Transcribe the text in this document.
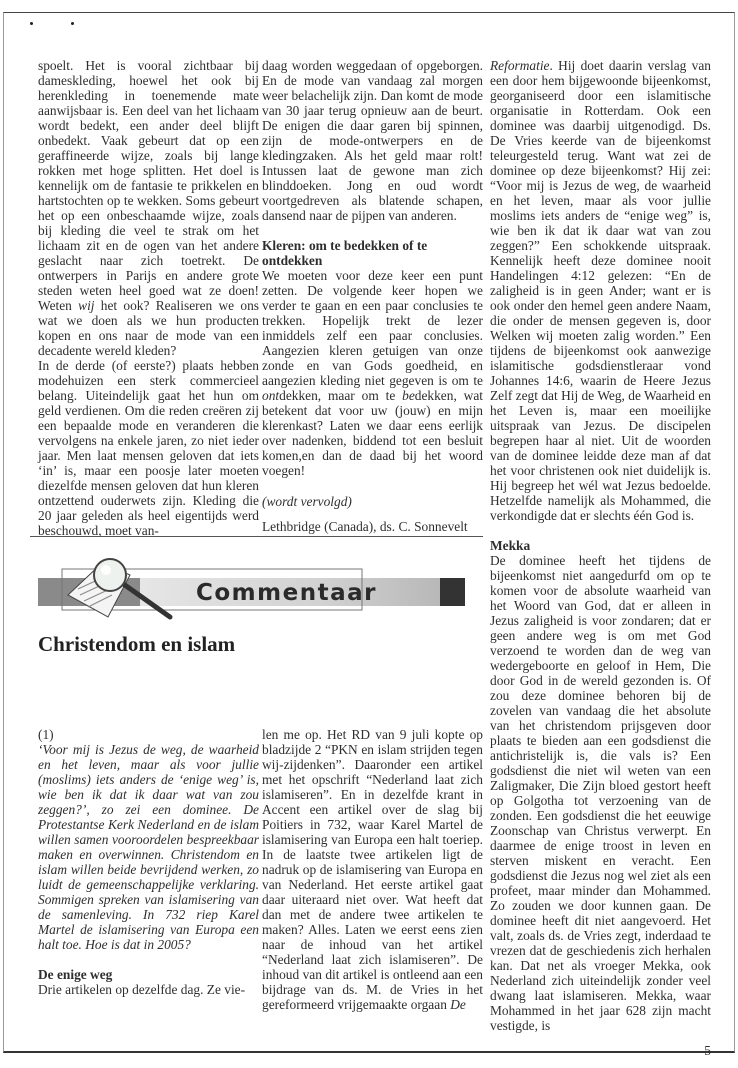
spoelt. Het is vooral zichtbaar bij dameskleding, hoewel het ook bij herenkleding in toenemende mate aanwijsbaar is. Een deel van het lichaam wordt bedekt, een ander deel blijft onbedekt. Vaak gebeurt dat op een geraffineerde wijze, zoals bij lange rokken met hoge splitten. Het doel is kennelijk om de fantasie te prikkelen en hartstochten op te wekken. Soms gebeurt het op een onbeschaamde wijze, zoals bij kleding die veel te strak om het lichaam zit en de ogen van het andere geslacht naar zich toetrekt. De ontwerpers in Parijs en andere grote steden weten heel goed wat ze doen! Weten wij het ook? Realiseren we ons wat we doen als we hun producten kopen en ons naar de mode van een decadente wereld kleden?

In de derde (of eerste?) plaats hebben modehuizen een sterk commercieel belang. Uiteindelijk gaat het hun om geld verdienen. Om die reden creëren zij een bepaalde mode en veranderen die vervolgens na enkele jaren, zo niet ieder jaar. Men laat mensen geloven dat iets ‘in’ is, maar een poosje later moeten diezelfde mensen geloven dat hun kleren ontzettend ouderwets zijn. Kleding die 20 jaar geleden als heel eigentijds werd beschouwd, moet van-

daag worden weggedaan of opgeborgen. En de mode van vandaag zal morgen weer belachelijk zijn. Dan komt de mode van 30 jaar terug opnieuw aan de beurt. De enigen die daar garen bij spinnen, zijn de mode-ontwerpers en de kledingzaken. Als het geld maar rolt! Intussen laat de gewone man zich blinddoeken. Jong en oud wordt voortgedreven als blatende schapen, dansend naar de pijpen van anderen.

Kleren: om te bedekken of te ontdekken

We moeten voor deze keer een punt zetten. De volgende keer hopen we verder te gaan en een paar conclusies te trekken. Hopelijk trekt de lezer inmiddels zelf een paar conclusies. Aangezien kleren getuigen van onze zonde en van Gods goedheid, en aangezien kleding niet gegeven is om te ontdekken, maar om te bedekken, wat betekent dat voor uw (jouw) en mijn klerenkast? Laten we daar eens eerlijk over nadenken, biddend tot een besluit komen,en dan de daad bij het woord voegen!

(wordt vervolgd)

Lethbridge (Canada), ds. C. Sonnevelt

Commentaar
Christendom en islam

(1)

‘Voor mij is Jezus de weg, de waarheid en het leven, maar als voor jullie (moslims) iets anders de ‘enige weg’ is, wie ben ik dat ik daar wat van zou zeggen?’, zo zei een dominee. De Protestantse Kerk Nederland en de islam willen samen vooroordelen bespreekbaar maken en overwinnen. Christendom en islam willen beide bevrijdend werken, zo luidt de gemeenschappelijke verklaring. Sommigen spreken van islamisering van de samenleving. In 732 riep Karel Martel de islamisering van Europa een halt toe. Hoe is dat in 2005?

De enige weg

Drie artikelen op dezelfde dag. Ze vie-

len me op. Het RD van 9 juli kopte op bladzijde 2 “PKN en islam strijden tegen wij-zijdenken”. Daaronder een artikel met het opschrift “Nederland laat zich islamiseren”. En in dezelfde krant in Accent een artikel over de slag bij Poitiers in 732, waar Karel Martel de islamisering van Europa een halt toeriep. In de laatste twee artikelen ligt de nadruk op de islamisering van Europa en van Nederland. Het eerste artikel gaat daar uiteraard niet over. Wat heeft dat dan met de andere twee artikelen te maken? Alles. Laten we eerst eens zien naar de inhoud van het artikel “Nederland laat zich islamiseren”. De inhoud van dit artikel is ontleend aan een bijdrage van ds. M. de Vries in het gereformeerd vrijgemaakte orgaan De

Reformatie. Hij doet daarin verslag van een door hem bijgewoonde bijeenkomst, georganiseerd door een islamitische organisatie in Rotterdam. Ook een dominee was daarbij uitgenodigd. Ds. De Vries keerde van de bijeenkomst teleurgesteld terug. Want wat zei de dominee op deze bijeenkomst? Hij zei: “Voor mij is Jezus de weg, de waarheid en het leven, maar als voor jullie moslims iets anders de “enige weg” is, wie ben ik dat ik daar wat van zou zeggen?” Een schokkende uitspraak. Kennelijk heeft deze dominee nooit Handelingen 4:12 gelezen: “En de zaligheid is in geen Ander; want er is ook onder den hemel geen andere Naam, die onder de mensen gegeven is, door Welken wij moeten zalig worden.” Een tijdens de bijeenkomst ook aanwezige islamitische godsdienstleraar vond Johannes 14:6, waarin de Heere Jezus Zelf zegt dat Hij de Weg, de Waarheid en het Leven is, maar een moeilijke uitspraak van Jezus. De discipelen begrepen haar al niet. Uit de woorden van de dominee leidde deze man af dat het voor christenen ook niet duidelijk is. Hij begreep het wél wat Jezus bedoelde. Hetzelfde namelijk als Mohammed, die verkondigde dat er slechts één God is.

Mekka

De dominee heeft het tijdens de bijeenkomst niet aangedurfd om op te komen voor de absolute waarheid van het Woord van God, dat er alleen in Jezus zaligheid is voor zondaren; dat er geen andere weg is om met God verzoend te worden dan de weg van wedergeboorte en geloof in Hem, Die door God in de wereld gezonden is. Of zou deze dominee behoren bij de zovelen van vandaag die het absolute van het christendom prijsgeven door plaats te bieden aan een godsdienst die antichristelijk is, die vals is? Een godsdienst die niet wil weten van een Zaligmaker, Die Zijn bloed gestort heeft op Golgotha tot verzoening van de zonden. Een godsdienst die het eeuwige Zoonschap van Christus verwerpt. En daarmee de enige troost in leven en sterven miskent en veracht. Een godsdienst die Jezus nog wel ziet als een profeet, maar minder dan Mohammed. Zo zouden we door kunnen gaan. De dominee heeft dit niet aangevoerd. Het valt, zoals ds. de Vries zegt, inderdaad te vrezen dat de geschiedenis zich herhalen kan. Dat net als vroeger Mekka, ook Nederland zich uiteindelijk zonder veel dwang laat islamiseren. Mekka, waar Mohammed in het jaar 628 zijn macht vestigde, is

5
